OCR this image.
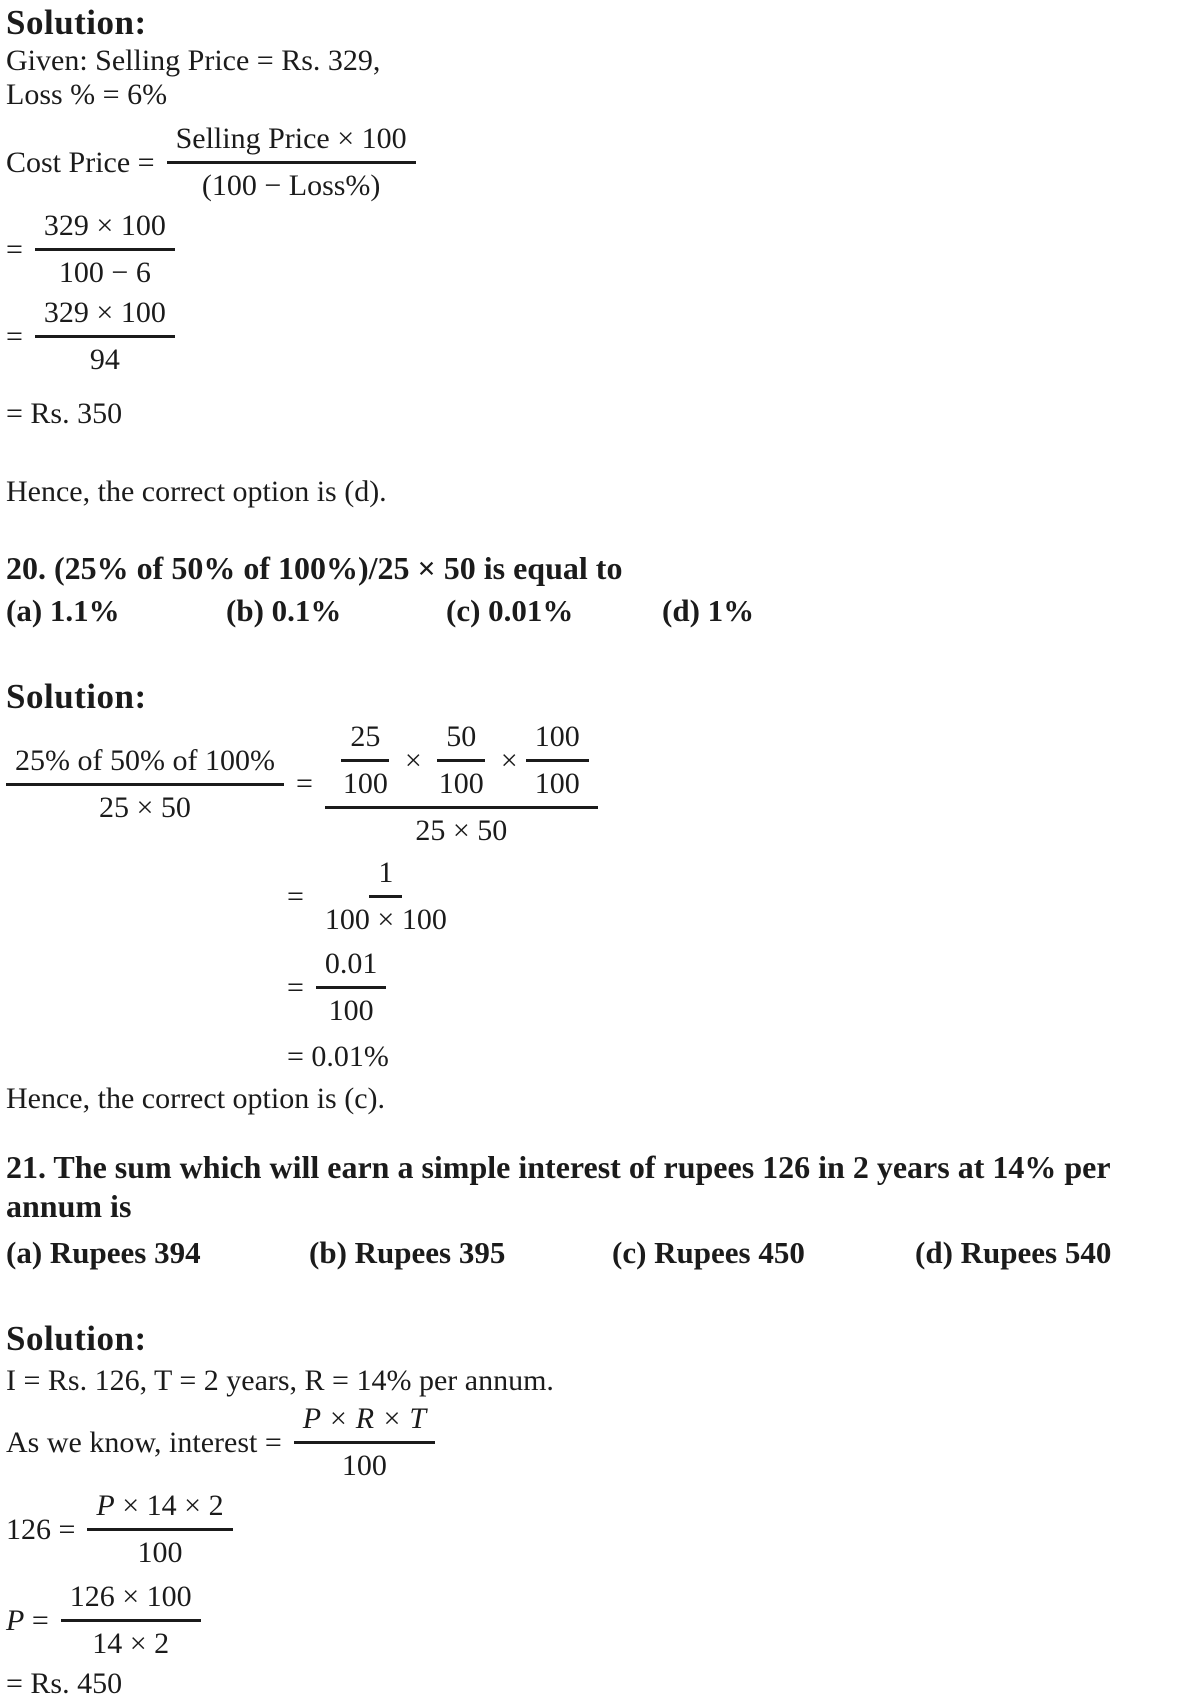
Solution:

Given: Selling Price = Rs. 329,

Loss % = 6%

Cost Price = $\frac{\text{Selling Price × 100}}{\text{(100 − Loss\%)}}$
= $\frac{329 \times 100}{100 - 6}$
= $\frac{329 \times 100}{94}$

= Rs. 350

Hence, the correct option is (d).

20. (25% of 50% of 100%)/25 × 50 is equal to
(a) 1.1%	(b) 0.1%	(c) 0.01%	(d) 1%
Solution:
$\frac{25\% of 50\% of 100\%}{25 \times 50} = \frac{25}{100} \times \frac{50}{100} \times \frac{100}{100}$
25 × 50
= $\frac{1}{100 \times 100}$
= $\frac{0.01}{100}$

= 0.01%

Hence, the correct option is (c).

21. The sum which will earn a simple interest of rupees 126 in 2 years at 14% per annum is
(a) Rupees 394	(b) Rupees 395	(c) Rupees 450	(d) Rupees 540
Solution:

I = Rs. 126, T = 2 years, R = 14% per annum.

As we know, interest = $\frac{P \times R \times T}{100}$
$126 = \frac{P \times 14 \times 2}{100}$
$P = \frac{126 \times 100}{14 \times 2}$

= Rs. 450
